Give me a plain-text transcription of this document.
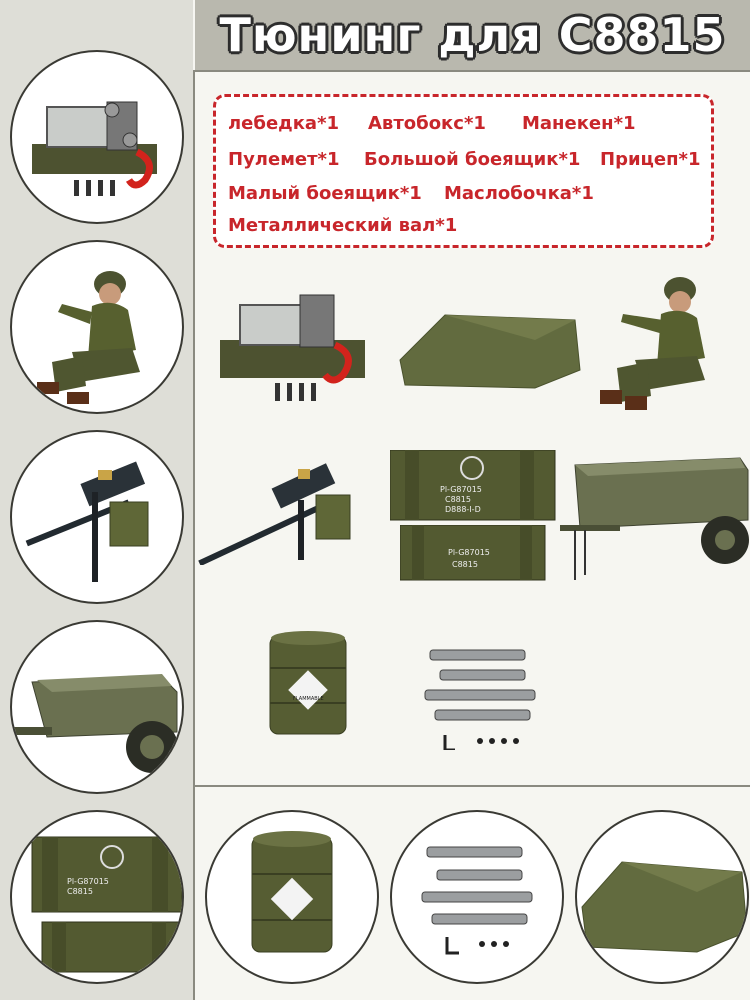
Тюнинг для C8815
лебедка*1 Автобокс*1 Манекен*1
Пулемет*1 Большой боеящик*1 Прицеп*1
Малый боеящик*1 Маслобочка*1
Металлический вал*1
Pl-G87015
C8815
Pl-G87015
C8815
D888-I-D
Pl-G87015
C8815
FLAMMABLE
